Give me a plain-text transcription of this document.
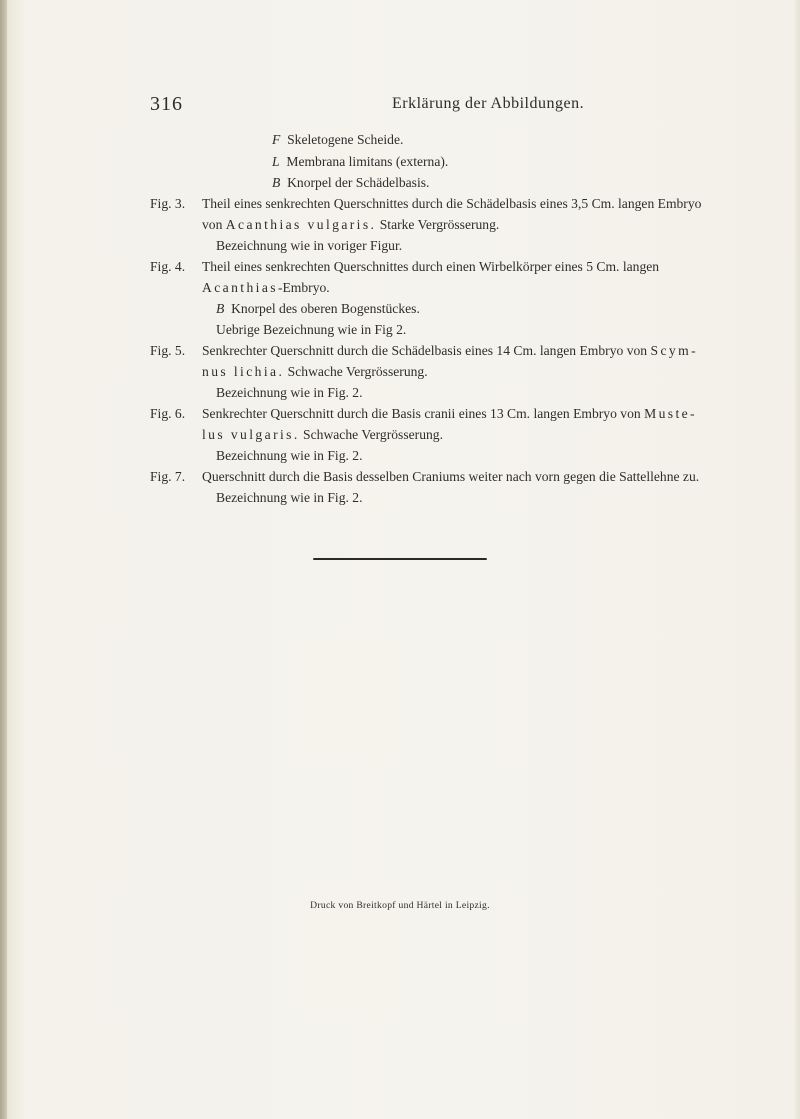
316	Erklärung der Abbildungen.
F Skeletogene Scheide.
L Membrana limitans (externa).
B Knorpel der Schädelbasis.
Fig. 3. Theil eines senkrechten Querschnittes durch die Schädelbasis eines 3,5 Cm. langen Embryo
von Acanthias vulgaris. Starke Vergrösserung.
Bezeichnung wie in voriger Figur.
Fig. 4. Theil eines senkrechten Querschnittes durch einen Wirbelkörper eines 5 Cm. langen
Acanthias-Embryo.
B Knorpel des oberen Bogenstückes.
Uebrige Bezeichnung wie in Fig 2.
Fig. 5. Senkrechter Querschnitt durch die Schädelbasis eines 14 Cm. langen Embryo von Scym-
nus lichia. Schwache Vergrösserung.
Bezeichnung wie in Fig. 2.
Fig. 6. Senkrechter Querschnitt durch die Basis cranii eines 13 Cm. langen Embryo von Muste-
lus vulgaris. Schwache Vergrösserung.
Bezeichnung wie in Fig. 2.
Fig. 7. Querschnitt durch die Basis desselben Craniums weiter nach vorn gegen die Sattellehne zu.
Bezeichnung wie in Fig. 2.
Druck von Breitkopf und Härtel in Leipzig.
